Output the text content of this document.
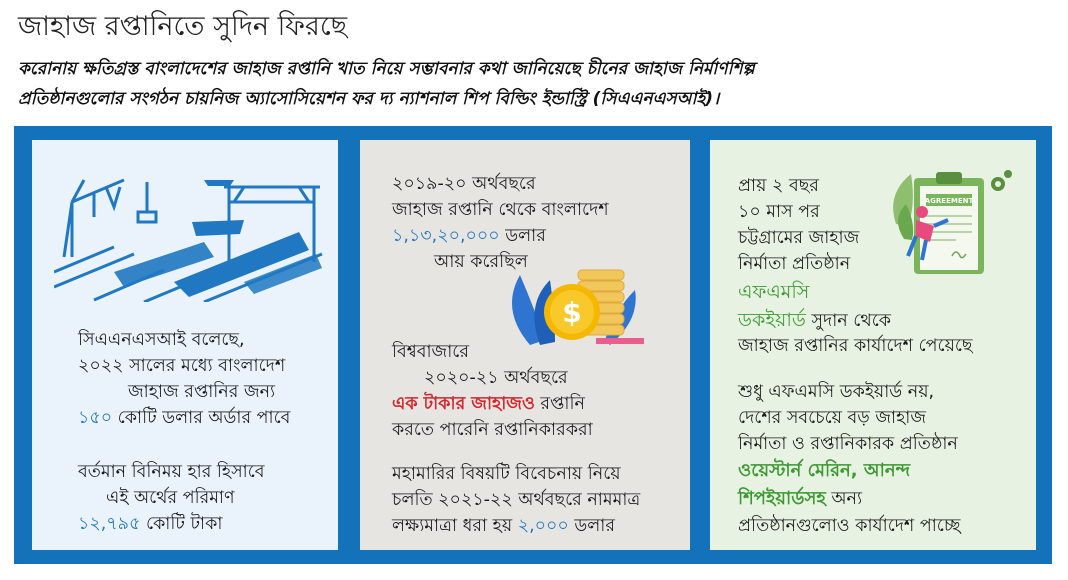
জাহাজ রপ্তানিতে সুদিন ফিরছে
করোনায় ক্ষতিগ্রস্ত বাংলাদেশের জাহাজ রপ্তানি খাত নিয়ে সম্ভাবনার কথা জানিয়েছে চীনের জাহাজ নির্মাণশিল্প
প্রতিষ্ঠানগুলোর সংগঠন চায়নিজ অ্যাসোসিয়েশন ফর দ্য ন্যাশনাল শিপ বিল্ডিং ইন্ডাস্ট্রি (সিএএনএসআই)।

সিএএনএসআই বলেছে,

২০২২ সালের মধ্যে বাংলাদেশ

জাহাজ রপ্তানির জন্য

১৫০ কোটি ডলার অর্ডার পাবে

বর্তমান বিনিময় হার হিসাবে

এই অর্থের পরিমাণ

১২,৭৯৫ কোটি টাকা

২০১৯-২০ অর্থবছরে

জাহাজ রপ্তানি থেকে বাংলাদেশ

১,১৩,২০,০০০ ডলার

আয় করেছিল

$

বিশ্ববাজারে

২০২০-২১ অর্থবছরে

এক টাকার জাহাজও রপ্তানি

করতে পারেনি রপ্তানিকারকরা

মহামারির বিষয়টি বিবেচনায় নিয়ে

চলতি ২০২১-২২ অর্থবছরে নামমাত্র

লক্ষ্যমাত্রা ধরা হয় ২,০০০ ডলার

প্রায় ২ বছর

১০ মাস পর

চট্টগ্রামের জাহাজ

নির্মাতা প্রতিষ্ঠান

এফএমসি

ডকইয়ার্ড সুদান থেকে

জাহাজ রপ্তানির কার্যাদেশ পেয়েছে

AGREEMENT

শুধু এফএমসি ডকইয়ার্ড নয়,

দেশের সবচেয়ে বড় জাহাজ

নির্মাতা ও রপ্তানিকারক প্রতিষ্ঠান

ওয়েস্টার্ন মেরিন, আনন্দ

শিপইয়ার্ডসহ অন্য

প্রতিষ্ঠানগুলোও কার্যাদেশ পাচ্ছে
